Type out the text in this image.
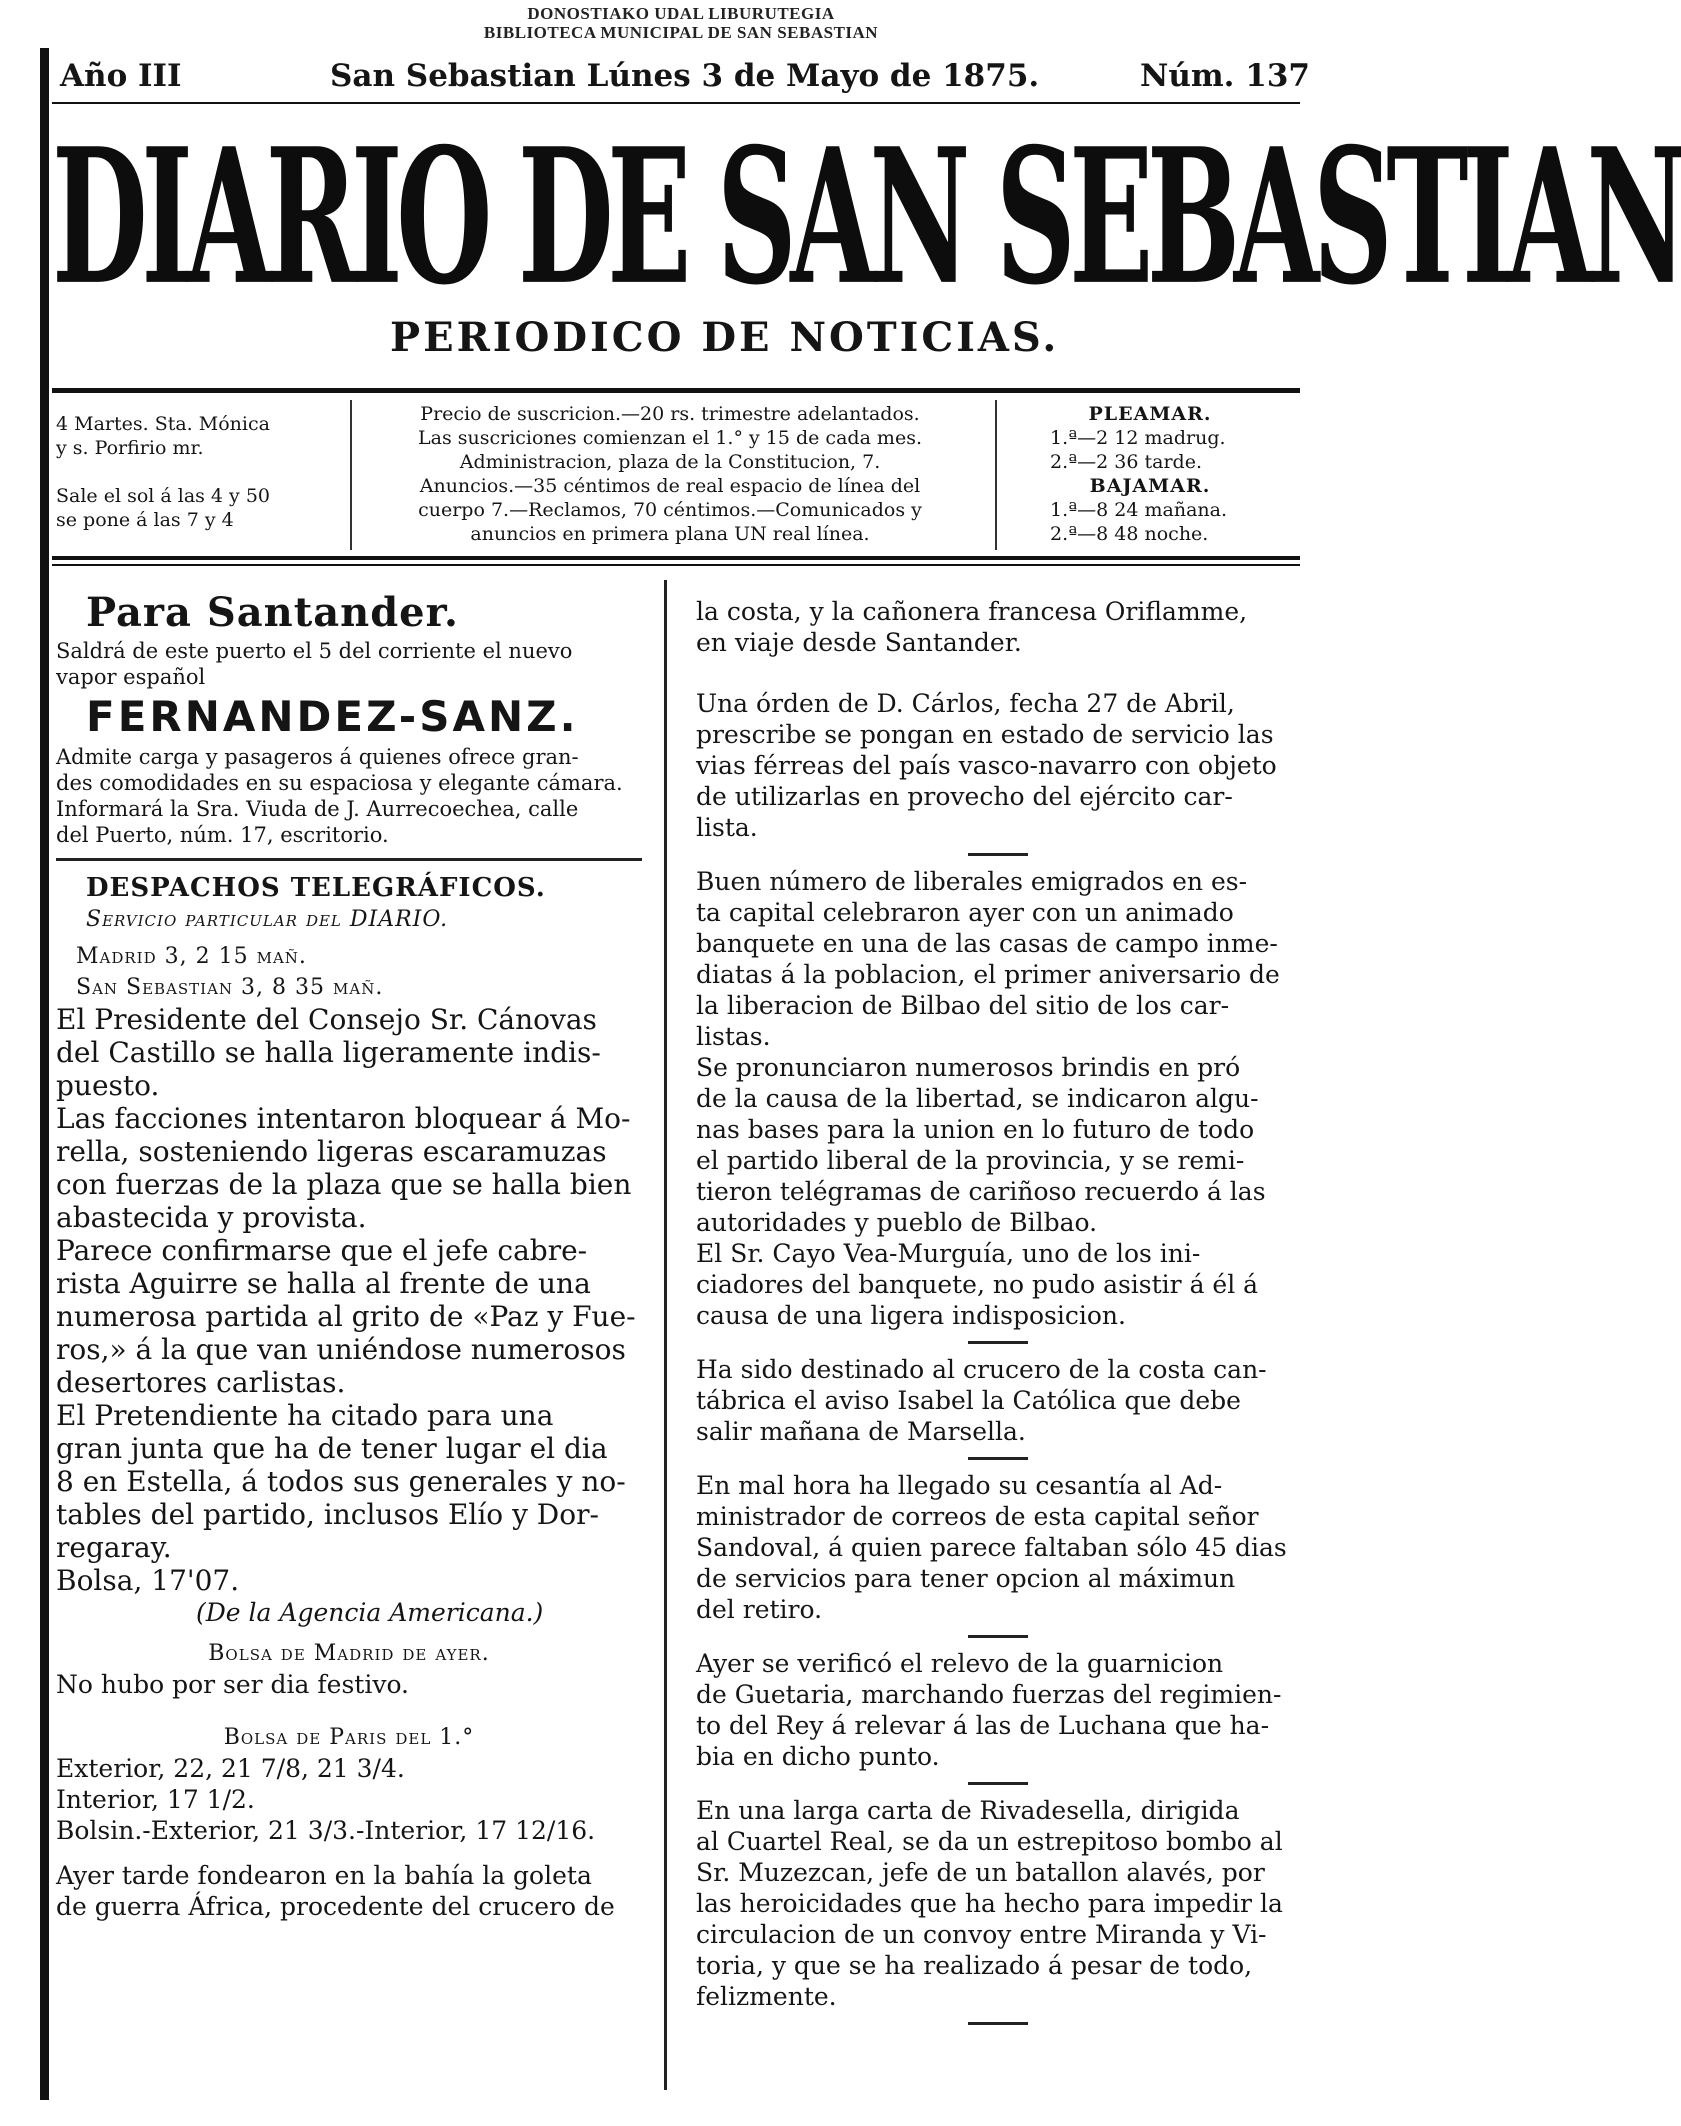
DONOSTIAKO UDAL LIBURUTEGIA
BIBLIOTECA MUNICIPAL DE SAN SEBASTIAN
Año III	San Sebastian Lúnes 3 de Mayo de 1875.	Núm. 137
DIARIO DE SAN SEBASTIAN
PERIODICO DE NOTICIAS.
4 Martes. Sta. Mónica
y s. Porfirio mr.

Sale el sol á las 4 y 50
se pone á las 7 y 4
Precio de suscricion.—20 rs. trimestre adelantados.
Las suscriciones comienzan el 1.° y 15 de cada mes.
Administracion, plaza de la Constitucion, 7.
Anuncios.—35 céntimos de real espacio de línea del
cuerpo 7.—Reclamos, 70 céntimos.—Comunicados y
anuncios en primera plana UN real línea.
PLEAMAR.
1.ª—2 12 madrug.
2.ª—2 36 tarde.
BAJAMAR.
1.ª—8 24 mañana.
2.ª—8 48 noche.
Para Santander.
Saldrá de este puerto el 5 del corriente el nuevo
vapor español
FERNANDEZ-SANZ.
Admite carga y pasageros á quienes ofrece gran-
des comodidades en su espaciosa y elegante cámara.
Informará la Sra. Viuda de J. Aurrecoechea, calle
del Puerto, núm. 17, escritorio.
DESPACHOS TELEGRÁFICOS.
Servicio particular del DIARIO.
Madrid 3, 2 15 mañ.
San Sebastian 3, 8 35 mañ.
El Presidente del Consejo Sr. Cánovas
del Castillo se halla ligeramente indis-
puesto.
Las facciones intentaron bloquear á Mo-
rella, sosteniendo ligeras escaramuzas
con fuerzas de la plaza que se halla bien
abastecida y provista.
Parece confirmarse que el jefe cabre-
rista Aguirre se halla al frente de una
numerosa partida al grito de «Paz y Fue-
ros,» á la que van uniéndose numerosos
desertores carlistas.
El Pretendiente ha citado para una
gran junta que ha de tener lugar el dia
8 en Estella, á todos sus generales y no-
tables del partido, inclusos Elío y Dor-
regaray.
Bolsa, 17'07.
(De la Agencia Americana.)
Bolsa de Madrid de ayer.
No hubo por ser dia festivo.
Bolsa de Paris del 1.°
Exterior, 22, 21 7/8, 21 3/4.
Interior, 17 1/2.
Bolsin.-Exterior, 21 3/3.-Interior, 17 12/16.
Ayer tarde fondearon en la bahía la goleta
de guerra África, procedente del crucero de
la costa, y la cañonera francesa Oriflamme,
en viaje desde Santander.
Una órden de D. Cárlos, fecha 27 de Abril,
prescribe se pongan en estado de servicio las
vias férreas del país vasco-navarro con objeto
de utilizarlas en provecho del ejército car-
lista.
Buen número de liberales emigrados en es-
ta capital celebraron ayer con un animado
banquete en una de las casas de campo inme-
diatas á la poblacion, el primer aniversario de
la liberacion de Bilbao del sitio de los car-
listas.
Se pronunciaron numerosos brindis en pró
de la causa de la libertad, se indicaron algu-
nas bases para la union en lo futuro de todo
el partido liberal de la provincia, y se remi-
tieron telégramas de cariñoso recuerdo á las
autoridades y pueblo de Bilbao.
El Sr. Cayo Vea-Murguía, uno de los ini-
ciadores del banquete, no pudo asistir á él á
causa de una ligera indisposicion.
Ha sido destinado al crucero de la costa can-
tábrica el aviso Isabel la Católica que debe
salir mañana de Marsella.
En mal hora ha llegado su cesantía al Ad-
ministrador de correos de esta capital señor
Sandoval, á quien parece faltaban sólo 45 dias
de servicios para tener opcion al máximun
del retiro.
Ayer se verificó el relevo de la guarnicion
de Guetaria, marchando fuerzas del regimien-
to del Rey á relevar á las de Luchana que ha-
bia en dicho punto.
En una larga carta de Rivadesella, dirigida
al Cuartel Real, se da un estrepitoso bombo al
Sr. Muzezcan, jefe de un batallon alavés, por
las heroicidades que ha hecho para impedir la
circulacion de un convoy entre Miranda y Vi-
toria, y que se ha realizado á pesar de todo,
felizmente.
